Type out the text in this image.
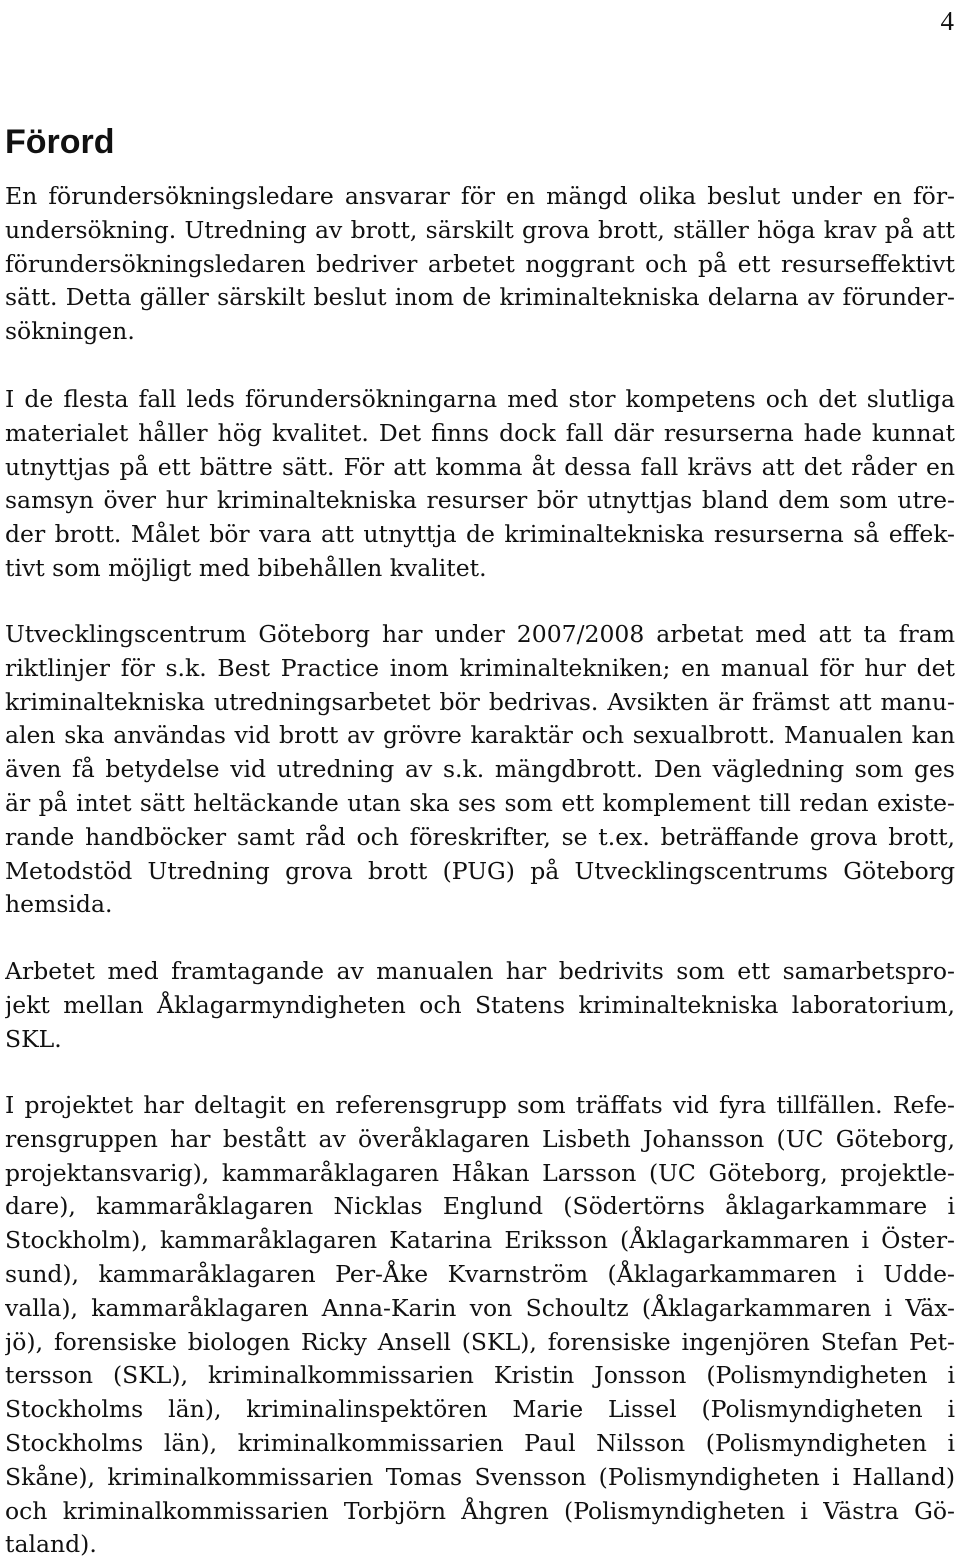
4
Förord
En förundersökningsledare ansvarar för en mängd olika beslut under en för-
undersökning. Utredning av brott, särskilt grova brott, ställer höga krav på att
förundersökningsledaren bedriver arbetet noggrant och på ett resurseffektivt
sätt. Detta gäller särskilt beslut inom de kriminaltekniska delarna av förunder-
sökningen.
I de flesta fall leds förundersökningarna med stor kompetens och det slutliga
materialet håller hög kvalitet. Det finns dock fall där resurserna hade kunnat
utnyttjas på ett bättre sätt. För att komma åt dessa fall krävs att det råder en
samsyn över hur kriminaltekniska resurser bör utnyttjas bland dem som utre-
der brott. Målet bör vara att utnyttja de kriminaltekniska resurserna så effek-
tivt som möjligt med bibehållen kvalitet.
Utvecklingscentrum Göteborg har under 2007/2008 arbetat med att ta fram
riktlinjer för s.k. Best Practice inom kriminaltekniken; en manual för hur det
kriminaltekniska utredningsarbetet bör bedrivas. Avsikten är främst att manu-
alen ska användas vid brott av grövre karaktär och sexualbrott. Manualen kan
även få betydelse vid utredning av s.k. mängdbrott. Den vägledning som ges
är på intet sätt heltäckande utan ska ses som ett komplement till redan existe-
rande handböcker samt råd och föreskrifter, se t.ex. beträffande grova brott,
Metodstöd Utredning grova brott (PUG) på Utvecklingscentrums Göteborg
hemsida.
Arbetet med framtagande av manualen har bedrivits som ett samarbetspro-
jekt mellan Åklagarmyndigheten och Statens kriminaltekniska laboratorium,
SKL.
I projektet har deltagit en referensgrupp som träffats vid fyra tillfällen. Refe-
rensgruppen har bestått av överåklagaren Lisbeth Johansson (UC Göteborg,
projektansvarig), kammaråklagaren Håkan Larsson (UC Göteborg, projektle-
dare), kammaråklagaren Nicklas Englund (Södertörns åklagarkammare i
Stockholm), kammaråklagaren Katarina Eriksson (Åklagarkammaren i Öster-
sund), kammaråklagaren Per-Åke Kvarnström (Åklagarkammaren i Udde-
valla), kammaråklagaren Anna-Karin von Schoultz (Åklagarkammaren i Väx-
jö), forensiske biologen Ricky Ansell (SKL), forensiske ingenjören Stefan Pet-
tersson (SKL), kriminalkommissarien Kristin Jonsson (Polismyndigheten i
Stockholms län), kriminalinspektören Marie Lissel (Polismyndigheten i
Stockholms län), kriminalkommissarien Paul Nilsson (Polismyndigheten i
Skåne), kriminalkommissarien Tomas Svensson (Polismyndigheten i Halland)
och kriminalkommissarien Torbjörn Åhgren (Polismyndigheten i Västra Gö-
taland).
